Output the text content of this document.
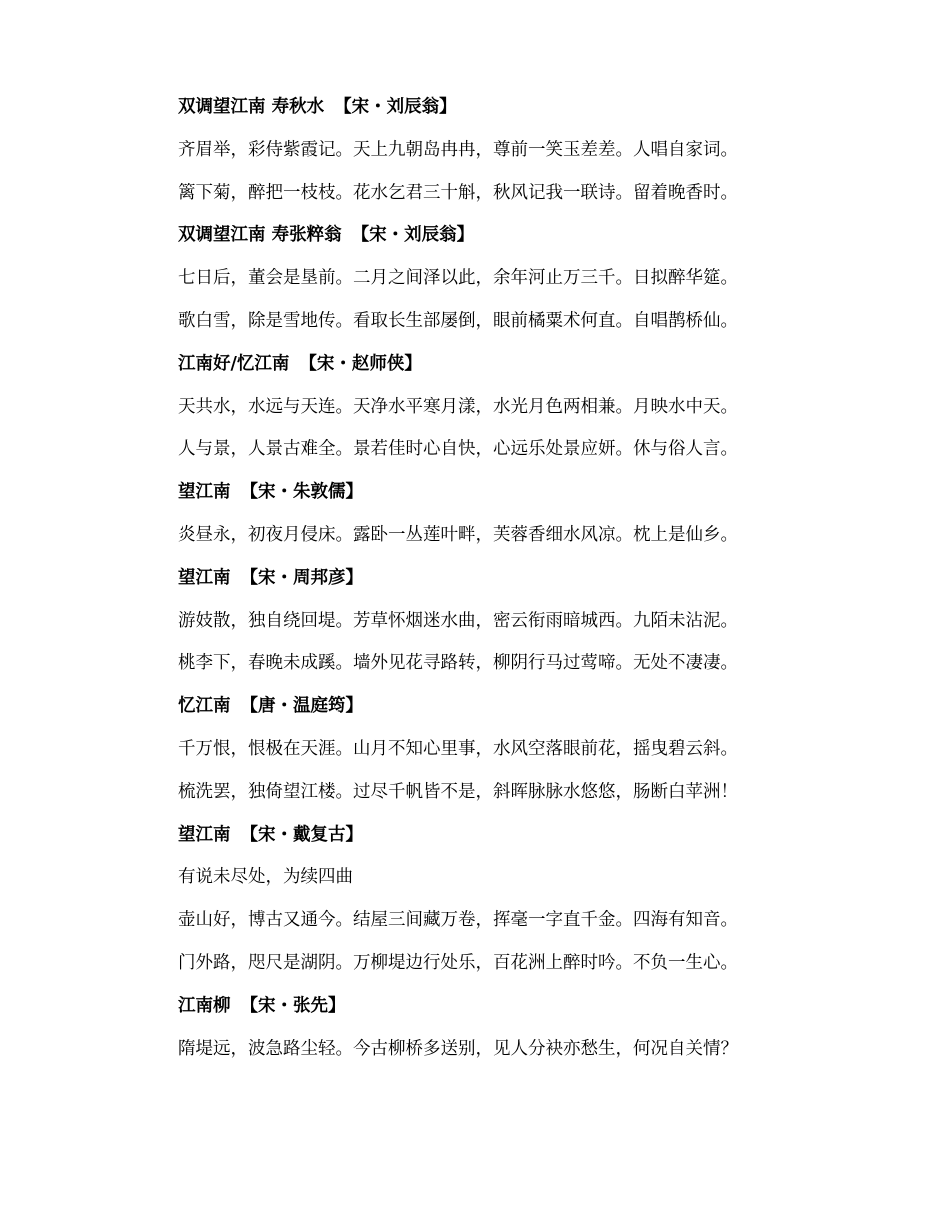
双调望江南 寿秋水 【宋・刘辰翁】
齐眉举，彩侍紫霞记。天上九朝岛冉冉，尊前一笑玉差差。人唱自家词。
篱下菊，醉把一枝枝。花水乞君三十斛，秋风记我一联诗。留着晚香时。
双调望江南 寿张粹翁 【宋・刘辰翁】
七日后，董会是垦前。二月之间泽以此，余年河止万三千。日拟醉华筵。
歌白雪，除是雪地传。看取长生部屡倒，眼前橘粟术何直。自唱鹊桥仙。
江南好/忆江南 【宋・赵师侠】
天共水，水远与天连。天净水平寒月漾，水光月色两相兼。月映水中天。
人与景，人景古难全。景若佳时心自快，心远乐处景应妍。休与俗人言。
望江南 【宋・朱敦儒】
炎昼永，初夜月侵床。露卧一丛莲叶畔，芙蓉香细水风凉。枕上是仙乡。
望江南 【宋・周邦彦】
游妓散，独自绕回堤。芳草怀烟迷水曲，密云衔雨暗城西。九陌未沾泥。
桃李下，春晚未成蹊。墙外见花寻路转，柳阴行马过莺啼。无处不凄凄。
忆江南 【唐・温庭筠】
千万恨，恨极在天涯。山月不知心里事，水风空落眼前花，摇曳碧云斜。
梳洗罢，独倚望江楼。过尽千帆皆不是，斜晖脉脉水悠悠，肠断白苹洲！
望江南 【宋・戴复古】
有说未尽处，为续四曲
壶山好，博古又通今。结屋三间藏万卷，挥毫一字直千金。四海有知音。
门外路，咫尺是湖阴。万柳堤边行处乐，百花洲上醉时吟。不负一生心。
江南柳 【宋・张先】
隋堤远，波急路尘轻。今古柳桥多送别，见人分袂亦愁生，何况自关情？
